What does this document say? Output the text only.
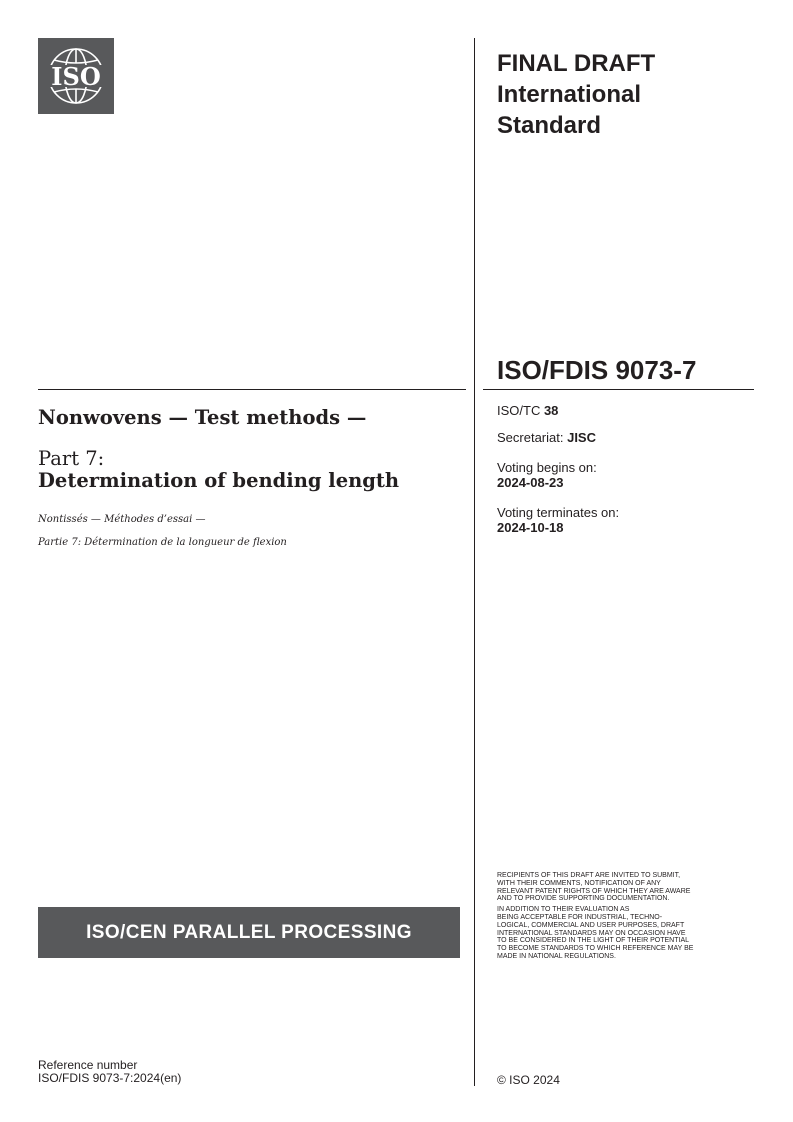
ISO	FINAL DRAFT
International
Standard
ISO/FDIS 9073-7
Nonwovens — Test methods —
Part 7:
Determination of bending length
Nontissés — Méthodes d’essai —
Partie 7: Détermination de la longueur de flexion
ISO/TC 38
Secretariat: JISC
Voting begins on:
2024-08-23
Voting terminates on:
2024-10-18

RECIPIENTS OF THIS DRAFT ARE INVITED TO SUBMIT,
WITH THEIR COMMENTS, NOTIFICATION OF ANY
RELEVANT PATENT RIGHTS OF WHICH THEY ARE AWARE
AND TO PROVIDE SUPPORTING DOCUMENTATION.

IN ADDITION TO THEIR EVALUATION AS
BEING ACCEPTABLE FOR INDUSTRIAL, TECHNO-
LOGICAL, COMMERCIAL AND USER PURPOSES, DRAFT
INTERNATIONAL STANDARDS MAY ON OCCASION HAVE
TO BE CONSIDERED IN THE LIGHT OF THEIR POTENTIAL
TO BECOME STANDARDS TO WHICH REFERENCE MAY BE
MADE IN NATIONAL REGULATIONS.

ISO/CEN PARALLEL PROCESSING
Reference number
ISO/FDIS 9073-7:2024(en)	© ISO 2024
